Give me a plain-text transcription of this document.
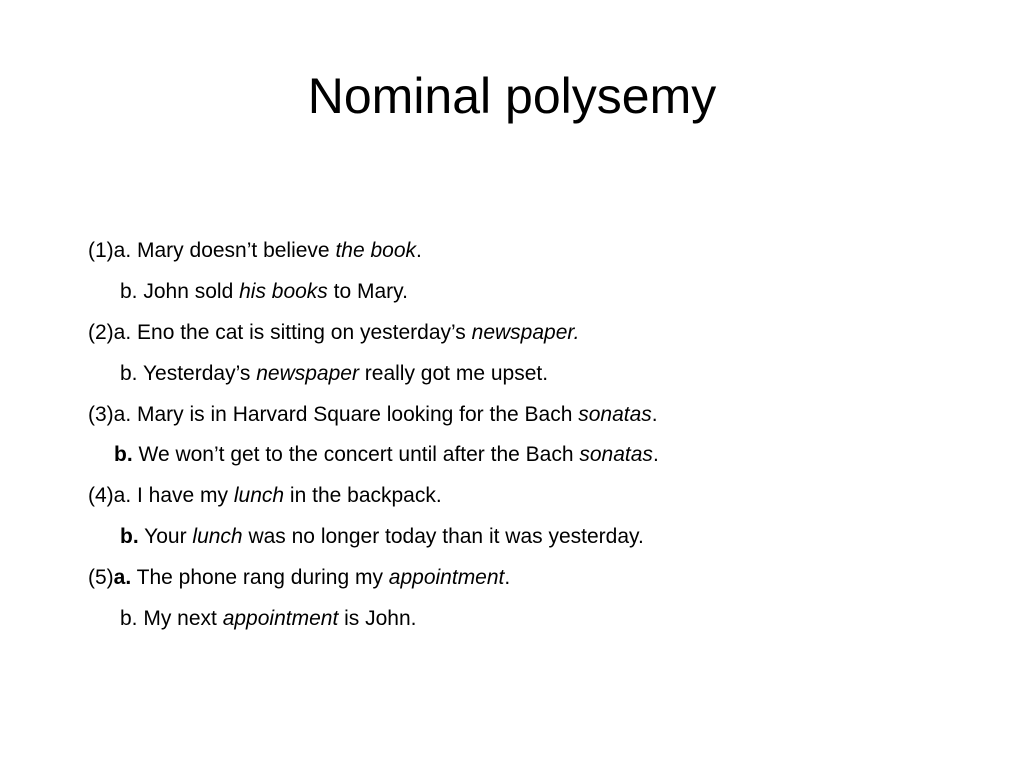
Nominal polysemy
(1)a. Mary doesn’t believe the book.
b. John sold his books to Mary.
(2)a. Eno the cat is sitting on yesterday’s newspaper.
b. Yesterday’s newspaper really got me upset.
(3)a. Mary is in Harvard Square looking for the Bach sonatas.
b. We won’t get to the concert until after the Bach sonatas.
(4)a. I have my lunch in the backpack.
b. Your lunch was no longer today than it was yesterday.
(5)a. The phone rang during my appointment.
b. My next appointment is John.
